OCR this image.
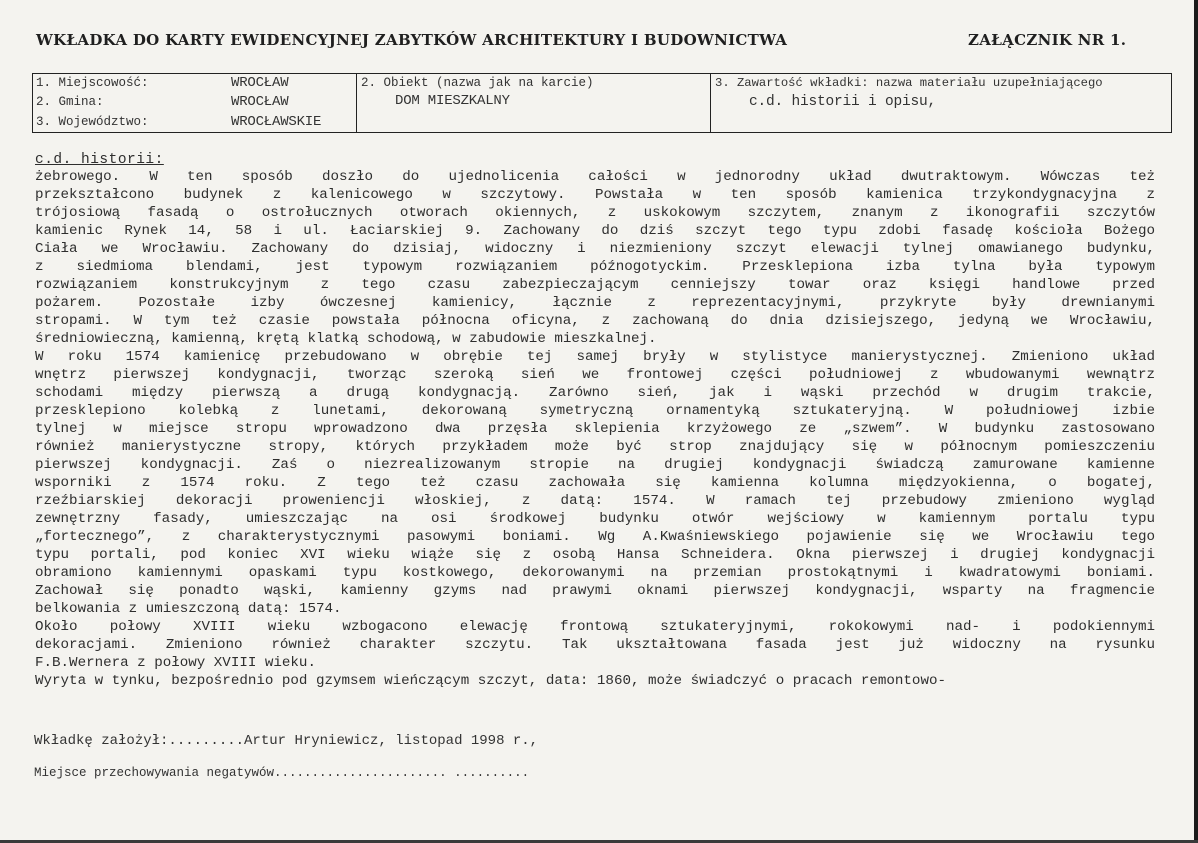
WKŁADKA DO KARTY EWIDENCYJNEJ ZABYTKÓW ARCHITEKTURY I BUDOWNICTWA	ZAŁĄCZNIK NR 1.
1. Miejscowość:	WROCŁAW
2. Gmina:	WROCŁAW
3. Województwo:	WROCŁAWSKIE
2. Obiekt (nazwa jak na karcie)
DOM MIESZKALNY
3. Zawartość wkładki: nazwa materiału uzupełniającego
c.d. historii i opisu,
c.d. historii:
żebrowego. W ten sposób doszło do ujednolicenia całości w jednorodny układ dwutraktowym. Wówczas też
przekształcono budynek z kalenicowego w szczytowy. Powstała w ten sposób kamienica trzykondygnacyjna z
trójosiową fasadą o ostrołucznych otworach okiennych, z uskokowym szczytem, znanym z ikonografii szczytów
kamienic Rynek 14, 58 i ul. Łaciarskiej 9. Zachowany do dziś szczyt tego typu zdobi fasadę kościoła Bożego
Ciała we Wrocławiu. Zachowany do dzisiaj, widoczny i niezmieniony szczyt elewacji tylnej omawianego budynku,
z siedmioma blendami, jest typowym rozwiązaniem późnogotyckim. Przesklepiona izba tylna była typowym
rozwiązaniem konstrukcyjnym z tego czasu zabezpieczającym cenniejszy towar oraz księgi handlowe przed
pożarem. Pozostałe izby ówczesnej kamienicy, łącznie z reprezentacyjnymi, przykryte były drewnianymi
stropami. W tym też czasie powstała północna oficyna, z zachowaną do dnia dzisiejszego, jedyną we Wrocławiu,
średniowieczną, kamienną, krętą klatką schodową, w zabudowie mieszkalnej.
W roku 1574 kamienicę przebudowano w obrębie tej samej bryły w stylistyce manierystycznej. Zmieniono układ
wnętrz pierwszej kondygnacji, tworząc szeroką sień we frontowej części południowej z wbudowanymi wewnątrz
schodami między pierwszą a drugą kondygnacją. Zarówno sień, jak i wąski przechód w drugim trakcie,
przesklepiono kolebką z lunetami, dekorowaną symetryczną ornamentyką sztukateryjną. W południowej izbie
tylnej w miejsce stropu wprowadzono dwa przęsła sklepienia krzyżowego ze „szwem”. W budynku zastosowano
również manierystyczne stropy, których przykładem może być strop znajdujący się w północnym pomieszczeniu
pierwszej kondygnacji. Zaś o niezrealizowanym stropie na drugiej kondygnacji świadczą zamurowane kamienne
wsporniki z 1574 roku. Z tego też czasu zachowała się kamienna kolumna międzyokienna, o bogatej,
rzeźbiarskiej dekoracji proweniencji włoskiej, z datą: 1574. W ramach tej przebudowy zmieniono wygląd
zewnętrzny fasady, umieszczając na osi środkowej budynku otwór wejściowy w kamiennym portalu typu
„fortecznego”, z charakterystycznymi pasowymi boniami. Wg A.Kwaśniewskiego pojawienie się we Wrocławiu tego
typu portali, pod koniec XVI wieku wiąże się z osobą Hansa Schneidera. Okna pierwszej i drugiej kondygnacji
obramiono kamiennymi opaskami typu kostkowego, dekorowanymi na przemian prostokątnymi i kwadratowymi boniami.
Zachował się ponadto wąski, kamienny gzyms nad prawymi oknami pierwszej kondygnacji, wsparty na fragmencie
belkowania z umieszczoną datą: 1574.
Około połowy XVIII wieku wzbogacono elewację frontową sztukateryjnymi, rokokowymi nad- i podokiennymi
dekoracjami. Zmieniono również charakter szczytu. Tak ukształtowana fasada jest już widoczny na rysunku
F.B.Wernera z połowy XVIII wieku.
Wyryta w tynku, bezpośrednio pod gzymsem wieńczącym szczyt, data: 1860, może świadczyć o pracach remontowo-
Wkładkę założył:.........Artur Hryniewicz, listopad 1998 r.,
Miejsce przechowywania negatywów....................... ..........
